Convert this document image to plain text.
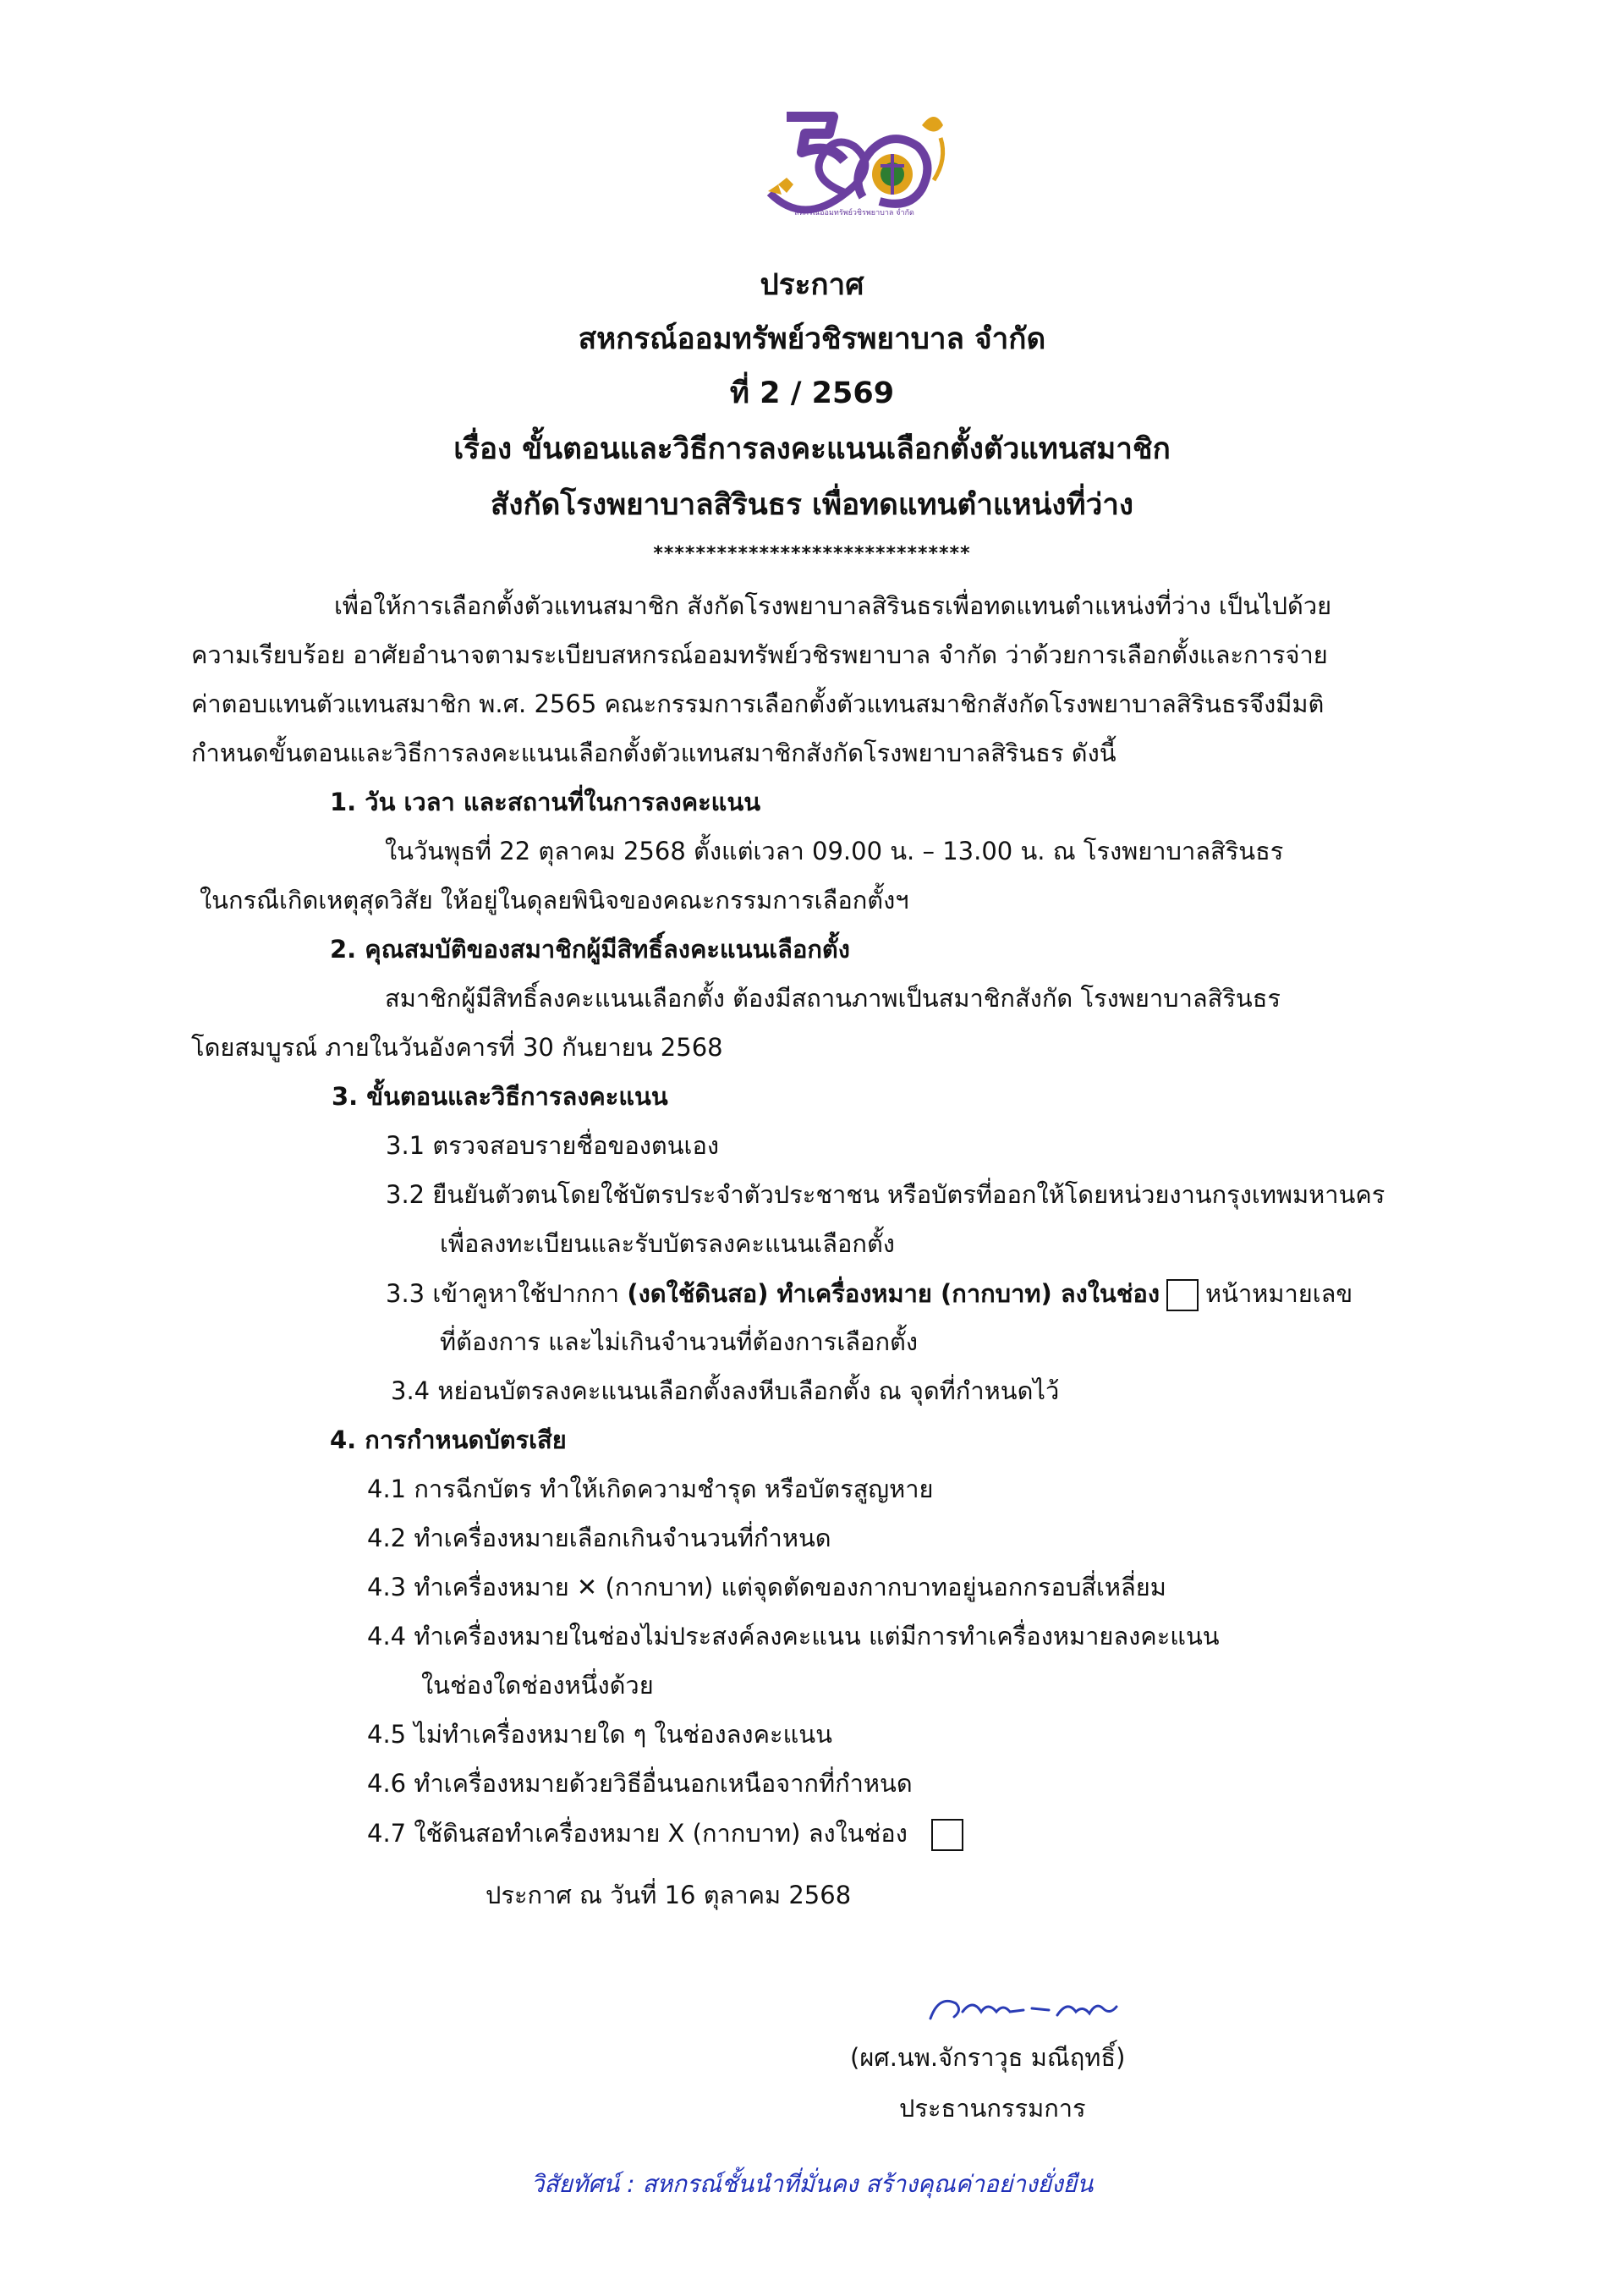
สหกรณ์ออมทรัพย์วชิรพยาบาล จำกัด
ประกาศ
สหกรณ์ออมทรัพย์วชิรพยาบาล จำกัด
ที่ 2 / 2569
เรื่อง ขั้นตอนและวิธีการลงคะแนนเลือกตั้งตัวแทนสมาชิก
สังกัดโรงพยาบาลสิรินธร เพื่อทดแทนตำแหน่งที่ว่าง
******************************
เพื่อให้การเลือกตั้งตัวแทนสมาชิก สังกัดโรงพยาบาลสิรินธรเพื่อทดแทนตำแหน่งที่ว่าง เป็นไปด้วย
ความเรียบร้อย อาศัยอำนาจตามระเบียบสหกรณ์ออมทรัพย์วชิรพยาบาล จำกัด ว่าด้วยการเลือกตั้งและการจ่าย
ค่าตอบแทนตัวแทนสมาชิก พ.ศ. 2565 คณะกรรมการเลือกตั้งตัวแทนสมาชิกสังกัดโรงพยาบาลสิรินธรจึงมีมติ
กำหนดขั้นตอนและวิธีการลงคะแนนเลือกตั้งตัวแทนสมาชิกสังกัดโรงพยาบาลสิรินธร ดังนี้
1. วัน เวลา และสถานที่ในการลงคะแนน
ในวันพุธที่ 22 ตุลาคม 2568 ตั้งแต่เวลา 09.00 น. – 13.00 น. ณ โรงพยาบาลสิรินธร
ในกรณีเกิดเหตุสุดวิสัย ให้อยู่ในดุลยพินิจของคณะกรรมการเลือกตั้งฯ
2. คุณสมบัติของสมาชิกผู้มีสิทธิ์ลงคะแนนเลือกตั้ง
สมาชิกผู้มีสิทธิ์ลงคะแนนเลือกตั้ง ต้องมีสถานภาพเป็นสมาชิกสังกัด โรงพยาบาลสิรินธร
โดยสมบูรณ์ ภายในวันอังคารที่ 30 กันยายน 2568
3. ขั้นตอนและวิธีการลงคะแนน
3.1 ตรวจสอบรายชื่อของตนเอง
3.2 ยืนยันตัวตนโดยใช้บัตรประจำตัวประชาชน หรือบัตรที่ออกให้โดยหน่วยงานกรุงเทพมหานคร
เพื่อลงทะเบียนและรับบัตรลงคะแนนเลือกตั้ง
3.3 เข้าคูหาใช้ปากกา (งดใช้ดินสอ) ทำเครื่องหมาย (กากบาท) ลงในช่อง หน้าหมายเลข
ที่ต้องการ และไม่เกินจำนวนที่ต้องการเลือกตั้ง
3.4 หย่อนบัตรลงคะแนนเลือกตั้งลงหีบเลือกตั้ง ณ จุดที่กำหนดไว้
4. การกำหนดบัตรเสีย
4.1 การฉีกบัตร ทำให้เกิดความชำรุด หรือบัตรสูญหาย
4.2 ทำเครื่องหมายเลือกเกินจำนวนที่กำหนด
4.3 ทำเครื่องหมาย ✕ (กากบาท) แต่จุดตัดของกากบาทอยู่นอกกรอบสี่เหลี่ยม
4.4 ทำเครื่องหมายในช่องไม่ประสงค์ลงคะแนน แต่มีการทำเครื่องหมายลงคะแนน
ในช่องใดช่องหนึ่งด้วย
4.5 ไม่ทำเครื่องหมายใด ๆ ในช่องลงคะแนน
4.6 ทำเครื่องหมายด้วยวิธีอื่นนอกเหนือจากที่กำหนด
4.7 ใช้ดินสอทำเครื่องหมาย X (กากบาท) ลงในช่อง
ประกาศ ณ วันที่ 16 ตุลาคม 2568
(ผศ.นพ.จักราวุธ มณีฤทธิ์)
ประธานกรรมการ
วิสัยทัศน์ : สหกรณ์ชั้นนำที่มั่นคง สร้างคุณค่าอย่างยั่งยืน
